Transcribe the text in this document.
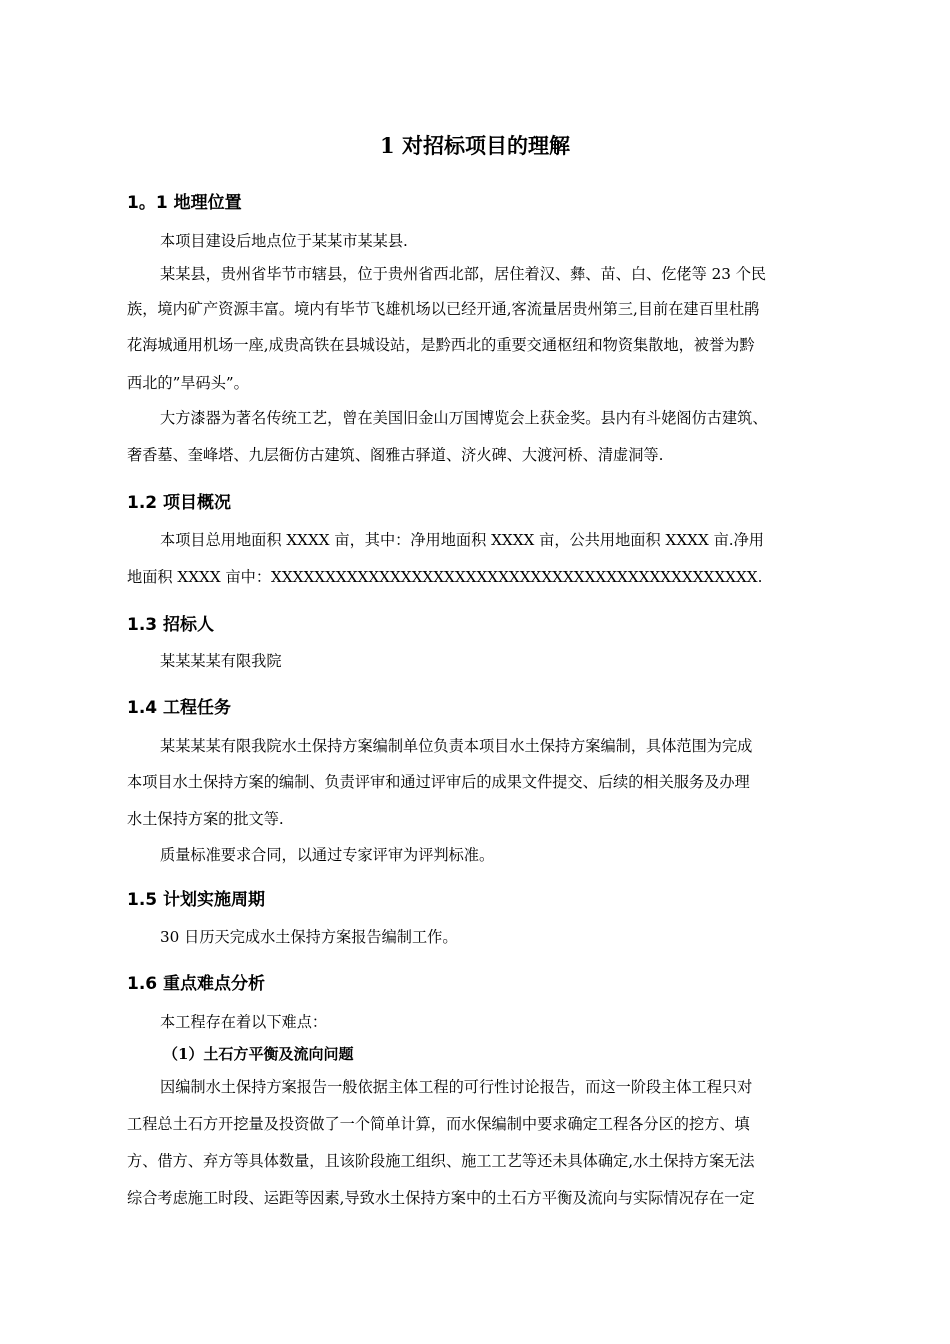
1 对招标项目的理解
1。1 地理位置
本项目建设后地点位于某某市某某县.
某某县，贵州省毕节市辖县，位于贵州省西北部，居住着汉、彝、苗、白、仡佬等 23 个民
族，境内矿产资源丰富。境内有毕节飞雄机场以已经开通,客流量居贵州第三,目前在建百里杜鹃
花海城通用机场一座,成贵高铁在县城设站，是黔西北的重要交通枢纽和物资集散地，被誉为黔
西北的”旱码头”。
大方漆器为著名传统工艺，曾在美国旧金山万国博览会上获金奖。县内有斗姥阁仿古建筑、
奢香墓、奎峰塔、九层衙仿古建筑、阁雅古驿道、济火碑、大渡河桥、清虚洞等.
1.2 项目概况
本项目总用地面积 XXXX 亩，其中：净用地面积 XXXX 亩，公共用地面积 XXXX 亩.净用
地面积 XXXX 亩中：XXXXXXXXXXXXXXXXXXXXXXXXXXXXXXXXXXXXXXXXXXXXX.
1.3 招标人
某某某某有限我院
1.4 工程任务
某某某某有限我院水土保持方案编制单位负责本项目水土保持方案编制，具体范围为完成
本项目水土保持方案的编制、负责评审和通过评审后的成果文件提交、后续的相关服务及办理
水土保持方案的批文等.
质量标准要求合同，以通过专家评审为评判标准。
1.5 计划实施周期
30 日历天完成水土保持方案报告编制工作。
1.6 重点难点分析
本工程存在着以下难点：
（1）土石方平衡及流向问题
因编制水土保持方案报告一般依据主体工程的可行性讨论报告，而这一阶段主体工程只对
工程总土石方开挖量及投资做了一个简单计算，而水保编制中要求确定工程各分区的挖方、填
方、借方、弃方等具体数量，且该阶段施工组织、施工工艺等还未具体确定,水土保持方案无法
综合考虑施工时段、运距等因素,导致水土保持方案中的土石方平衡及流向与实际情况存在一定
